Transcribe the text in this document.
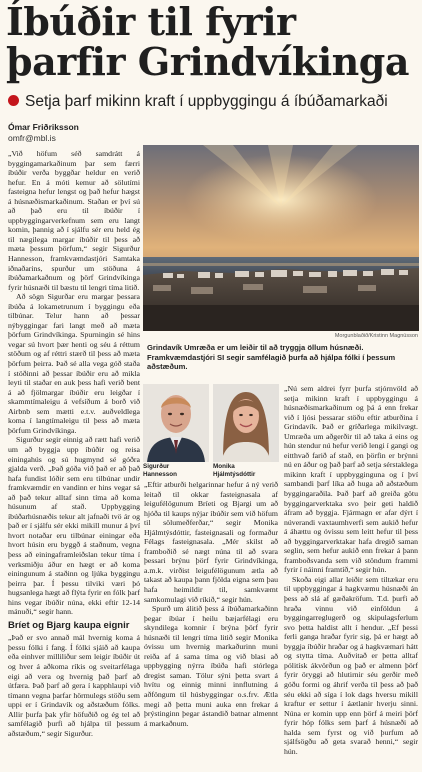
Íbúðir til fyrir þarfir Grindvíkinga
Setja þarf mikinn kraft í uppbyggingu á íbúðamarkaði
Ómar Friðriksson
omfr@mbl.is

„Við höfum séð samdrátt á byggingamarkaðinum þar sem færri íbúðir verða byggðar heldur en verið hefur. En á móti kemur að sölutími fasteigna hefur lengst og það hefur hægst á húsnæðismarkaðinum. Staðan er því sú að það eru til íbúðir í uppbyggingarverkefnum sem eru langt komin, þannig að í sjálfu sér eru held ég til nægilega margar íbúðir til þess að mæta þessum þörfum,“ segir Sigurður Hannesson, framkvæmdastjóri Samtaka iðnaðarins, spurður um stöðuna á íbúðamarkaðnum og þörf Grindvíkinga fyrir húsnæði til bæstu til lengri tíma litið.

Að sögn Sigurðar eru margar þessara íbúða á lokametrunum í byggingu eða tilbúnar. Telur hann að þessar nýbyggingar fari langt með að mæta þörfum Grindvíkinga. Spurningin sé hins vegar sú hvort þær henti og séu á réttum stöðum og af réttri stærð til þess að mæta þörfum þeirra. Það sé alla vega góð staða í stöðinni að þessar íbúðir eru að mikla leyti til staðar en auk þess hafi verið bent á að fjölmargar íbúðir eru leigðar í skammtímaleigu á vefsíðum á borð við Airbnb sem mætti e.t.v. auðveldlega koma í langtímaleigu til þess að mæta þörfum Grindvíkinga.

Sigurður segir einnig að rætt hafi verið um að byggja upp íbúðir og reisa einingahús og sú hugmynd sé góðra gjalda verð. „Það góða við það er að það hafa fundist lóðir sem eru tilbúnar undir framkvæmdir en vandinn er hins vegar sá að það tekur alltaf sinn tíma að koma húsunum af stað. Uppbygging íbúðarhúsnæðis tekur alt jafnaði tvö ár og það er í sjálfu sér ekki mikill munur á því hvort notaðar eru tilbúnar einingar eða hvort húsin eru byggð á staðnum, vegna þess að einingaframleiðslan tekur tíma í verksmiðju áður en hægt er að koma einingunum á staðinn og ljúka byggingu þeirra þar. Í þessu tilviki væri þó hugsanlega hægt að flýta fyrir en fólk þarf hins vegar íbúðir núna, ekki eftir 12-14 mánuði,“ segir hann.

Bríet og Bjarg kaupa eignir

„Það er svo annað mál hvernig koma á þessu fólki í fang. Í fólki sjáið að kaupa eða einhver milliliður sem leigir íbúðir út og hver á aðkoma ríkis og sveitarfélaga eigi að vera og hvernig það þarf að útfæra. Það þarf að gera í kapphlaupi við tímann vegna þarfar hörmulegs stöðu sem uppi er í Grindavík og aðstæðum fólks. Allir þurfa þak yfir höfuðið og ég tel að samfélagið þurfi að hjálpa til þessum aðstæðum,“ segir Sigurður.

Morgunblaðið/Kristinn Magnússon
Grindavík Umræða er um leiðir til að tryggja öllum húsnæði. Framkvæmdastjóri SI segir samfélagið þurfa að hjálpa fólki í þessum aðstæðum.
Sigurður
Hannesson
Monika
Hjálmtýsdóttir

„Eftir atburði helgarinnar hefur á ný verið leitað til okkar fasteignasala af leigufélögunum Bríeti og Bjargi um að hjóða til kaups nýjar íbúðir sem við höfum til sölumeðferðar,“ segir Monika Hjálmtýsdóttir, fasteignasali og formaður Félags fasteignasala. „Mér skilst að framboðið sé nægt núna til að svara þessari brýnu þörf fyrir Grindvíkinga, a.m.k. virðist leigufélögunum ætla að takast að kaupa þann fjölda eigna sem þau hafa heimildir til, samkvæmt samkomulagi við ríkið,“ segir hún.

Spurð um álitið þess á íbúðamarkaðinn þegar íbúar í heilu bæjarfélagi eru skyndilega komnir í brýna þörf fyrir húsnæði til lengri tíma litið segir Monika óvissu um hvernig markaðurinn muni reiða af á sama tíma og við blasi að uppbygging nýrra íbúða hafi stórlega dregist saman. Tölur sýni þetta svart á hvítu og einnig minni innflutning á aðföngum til húsbyggingar o.s.frv. Ætla megi að þetta muni auka enn frekar á þrýstinginn þegar ástandið batnar almennt á markaðnum.

„Nú sem aldrei fyrr þurfa stjórnvöld að setja mikinn kraft í uppbyggingu á húsnæðismarkaðinum og þá á enn frekar við í ljósi þessarar stöðu eftir atburðina í Grindavík. Það er gríðarlega mikilvægt. Umræða um aðgerðir til að taka á eins og hún stendur nú hefur verið lengi í gangi og eitthvað farið af stað, en þörfin er brýnni nú en áður og það þarf að setja sérstaklega mikinn kraft í uppbygginguna og í því sambandi þarf líka að huga að aðstæðum byggingaraðila. Það þarf að greiða götu byggingarverktaka svo þeir geti haldið áfram að byggja. Fjármagn er afar dýrt í núverandi vaxtaumhverfi sem aukið hefur á áhættu og óvissu sem leitt hefur til þess að byggingarverktakar hafa dregið saman seglin, sem hefur aukið enn frekar á þann framboðsvanda sem við stöndum frammi fyrir í náinni framtíð,“ segir hún.

Skoða eigi allar leiðir sem tiltækar eru til uppbyggingar á hagkvæmu húsnæði án þess að slá af gæðakröfum. T.d. þurfi að hraða vinnu við einföldun á byggingarreglugerð og skipulagsferlum svo þetta haldist allt í hendur. „Ef þessi ferli ganga hraðar fyrir sig, þá er hægt að byggja íbúðir hraðar og á hagkvæmari hátt og stytta tíma. Auðvitað er þetta alltaf pólitísk ákvörðun og það er almenn þörf fyrir öryggi að hlutirnir séu gerðir með góðu formi og áhrif verða til þess að það séu ekki að síga í lok dags hversu mikill kraftur er settur í áætlanir hverju sinni. Núna er komin upp enn þörf á meiri þörf fyrir hóp fólks sem þarf á húsnæði að halda sem fyrst og við þurfum að sjálfsögðu að geta svarað henni,“ segir hún.
